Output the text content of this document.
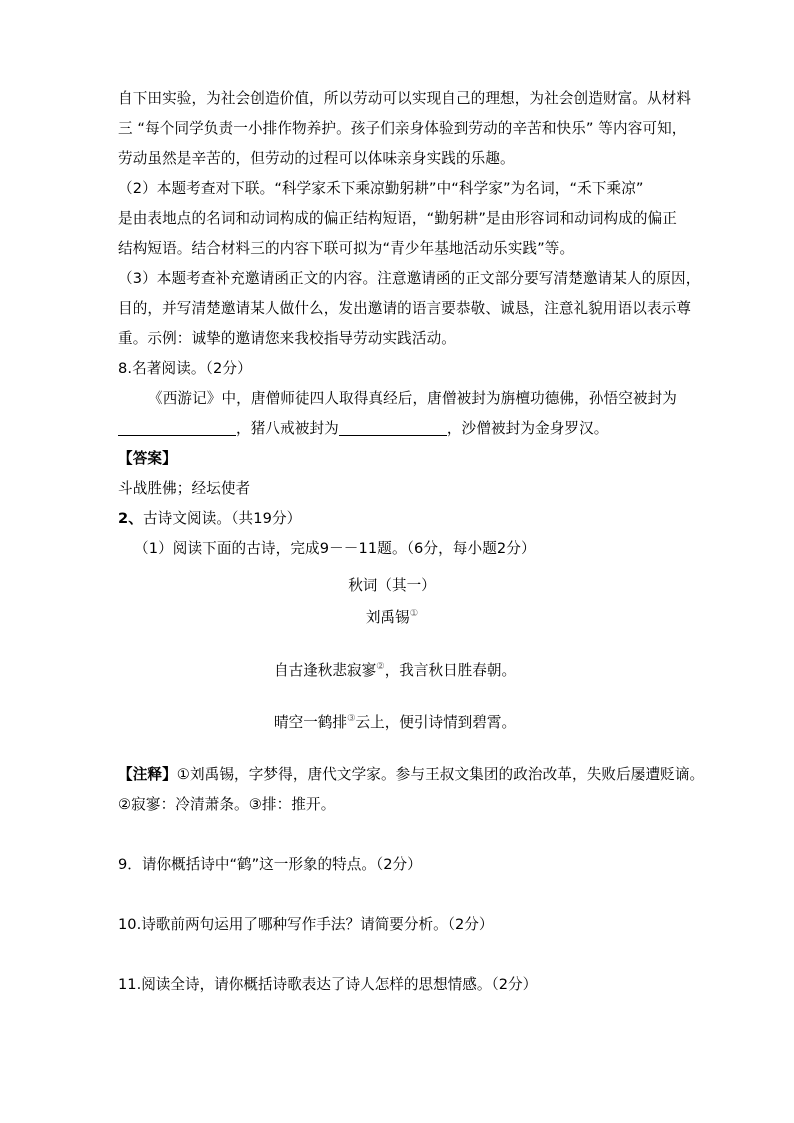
自下田实验，为社会创造价值，所以劳动可以实现自己的理想，为社会创造财富。从材料
三 “每个同学负责一小排作物养护。孩子们亲身体验到劳动的辛苦和快乐” 等内容可知，
劳动虽然是辛苦的，但劳动的过程可以体味亲身实践的乐趣。
（2）本题考查对下联。“科学家禾下乘凉勤躬耕”中“科学家”为名词，“禾下乘凉”
是由表地点的名词和动词构成的偏正结构短语，“勤躬耕”是由形容词和动词构成的偏正
结构短语。结合材料三的内容下联可拟为“青少年基地活动乐实践”等。
（3）本题考查补充邀请函正文的内容。注意邀请函的正文部分要写清楚邀请某人的原因，
目的，并写清楚邀请某人做什么，发出邀请的语言要恭敬、诚恳，注意礼貌用语以表示尊
重。示例：诚挚的邀请您来我校指导劳动实践活动。
8.名著阅读。（2分）
《西游记》中，唐僧师徒四人取得真经后，唐僧被封为旃檀功德佛，孙悟空被封为
，猪八戒被封为	，沙僧被封为金身罗汉。
【答案】
斗战胜佛；经坛使者
2、古诗文阅读。（共19分）
（1）阅读下面的古诗，完成9－－11题。（6分，每小题2分）
秋词（其一）
刘禹锡①
自古逢秋悲寂寥②，我言秋日胜春朝。
晴空一鹤排③云上，便引诗情到碧霄。
【注释】①刘禹锡，字梦得，唐代文学家。参与王叔文集团的政治改革，失败后屡遭贬谪。
②寂寥：冷清萧条。③排：推开。
9．请你概括诗中“鹤”这一形象的特点。（2分）
10.诗歌前两句运用了哪种写作手法？请简要分析。（2分）
11.阅读全诗，请你概括诗歌表达了诗人怎样的思想情感。（2分）
